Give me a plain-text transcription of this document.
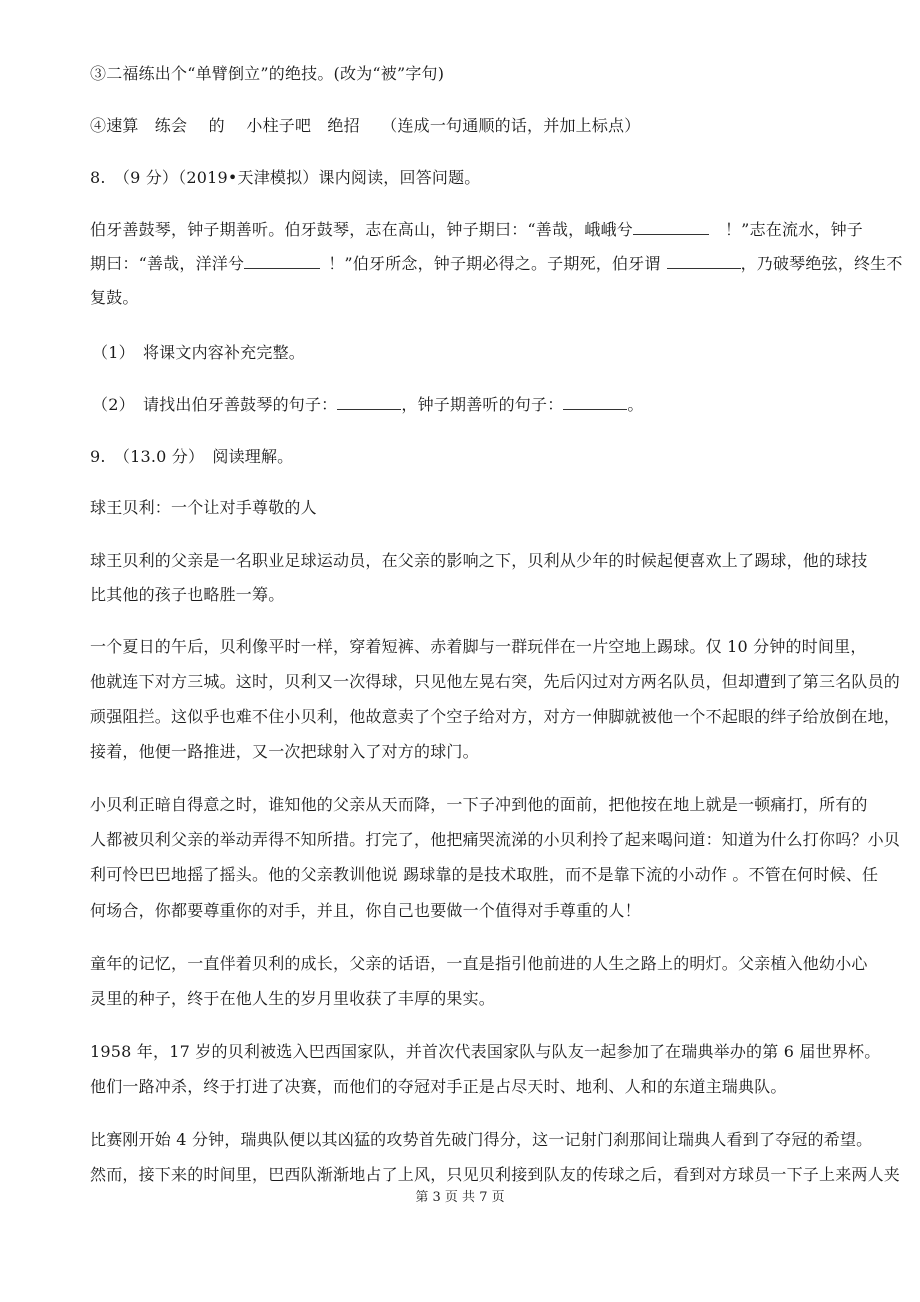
③二福练出个“单臂倒立”的绝技。(改为“被”字句)
④速算　练会　 的　 小柱子吧　绝招　 （连成一句通顺的话，并加上标点）
8.　（9 分）（2019•天津模拟）课内阅读，回答问题。
伯牙善鼓琴，钟子期善听。伯牙鼓琴，志在高山，钟子期曰：“善哉，峨峨兮	！”志在流水，钟子
期曰：“善哉，洋洋兮	！”伯牙所念，钟子期必得之。子期死，伯牙谓	，乃破琴绝弦，终生不
复鼓。
（1）　将课文内容补充完整。
（2）　请找出伯牙善鼓琴的句子：	，钟子期善听的句子：	。
9.　（13.0 分）　阅读理解。
球王贝利：一个让对手尊敬的人
球王贝利的父亲是一名职业足球运动员，在父亲的影响之下，贝利从少年的时候起便喜欢上了踢球，他的球技
比其他的孩子也略胜一筹。
一个夏日的午后，贝利像平时一样，穿着短裤、赤着脚与一群玩伴在一片空地上踢球。仅 10 分钟的时间里，
他就连下对方三城。这时，贝利又一次得球，只见他左晃右突，先后闪过对方两名队员，但却遭到了第三名队员的
顽强阻拦。这似乎也难不住小贝利，他故意卖了个空子给对方，对方一伸脚就被他一个不起眼的绊子给放倒在地，
接着，他便一路推进，又一次把球射入了对方的球门。
小贝利正暗自得意之时，谁知他的父亲从天而降，一下子冲到他的面前，把他按在地上就是一顿痛打，所有的
人都被贝利父亲的举动弄得不知所措。打完了，他把痛哭流涕的小贝利拎了起来喝问道：知道为什么打你吗？小贝
利可怜巴巴地摇了摇头。他的父亲教训他说 踢球靠的是技术取胜，而不是靠下流的小动作 。不管在何时候、任
何场合，你都要尊重你的对手，并且，你自己也要做一个值得对手尊重的人！
童年的记忆，一直伴着贝利的成长，父亲的话语，一直是指引他前进的人生之路上的明灯。父亲植入他幼小心
灵里的种子，终于在他人生的岁月里收获了丰厚的果实。
1958 年，17 岁的贝利被选入巴西国家队，并首次代表国家队与队友一起参加了在瑞典举办的第 6 届世界杯。
他们一路冲杀，终于打进了决赛，而他们的夺冠对手正是占尽天时、地利、人和的东道主瑞典队。
比赛刚开始 4 分钟，瑞典队便以其凶猛的攻势首先破门得分，这一记射门刹那间让瑞典人看到了夺冠的希望。
然而，接下来的时间里，巴西队渐渐地占了上风，只见贝利接到队友的传球之后，看到对方球员一下子上来两人夹
第 3 页 共 7 页
